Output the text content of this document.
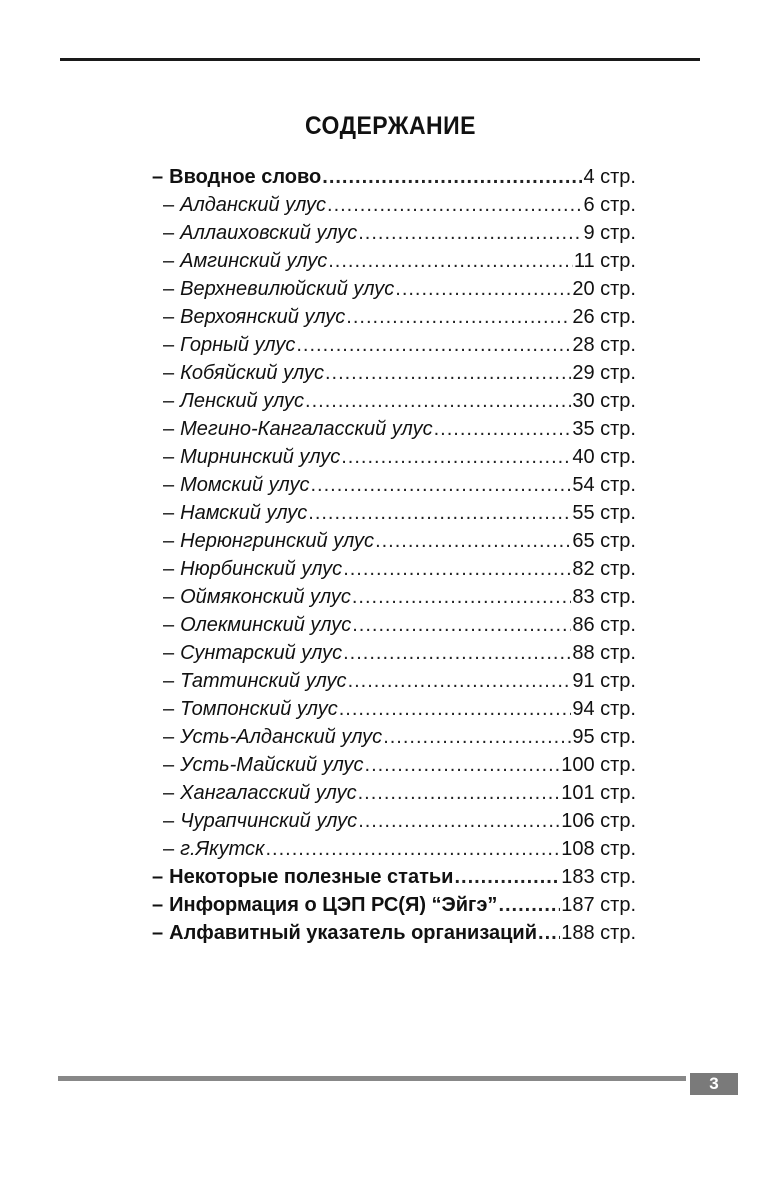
СОДЕРЖАНИЕ
– Вводное слово .....	4 стр.
– Алданский улус .....	6 стр.
– Аллаиховский улус .....	9 стр.
– Амгинский улус .....	11 стр.
– Верхневилюйский улус .....	20 стр.
– Верхоянский улус .....	26 стр.
– Горный улус .....	28 стр.
– Кобяйский улус .....	29 стр.
– Ленский улус .....	30 стр.
– Мегино-Кангаласский улус .....	35 стр.
– Мирнинский улус .....	40 стр.
– Момский улус .....	54 стр.
– Намский улус .....	55 стр.
– Нерюнгринский улус .....	65 стр.
– Нюрбинский улус .....	82 стр.
– Оймяконский улус .....	83 стр.
– Олекминский улус .....	86 стр.
– Сунтарский улус .....	88 стр.
– Таттинский улус .....	91 стр.
– Томпонский улус .....	94 стр.
– Усть-Алданский улус .....	95 стр.
– Усть-Майский улус .....	100 стр.
– Хангаласский улус .....	101 стр.
– Чурапчинский улус .....	106 стр.
– г.Якутск .....	108 стр.
– Некоторые полезные статьи .....	183 стр.
– Информация о ЦЭП РС(Я) “Эйгэ” .....	187 стр.
– Алфавитный указатель организаций ..... 188 стр.
3
